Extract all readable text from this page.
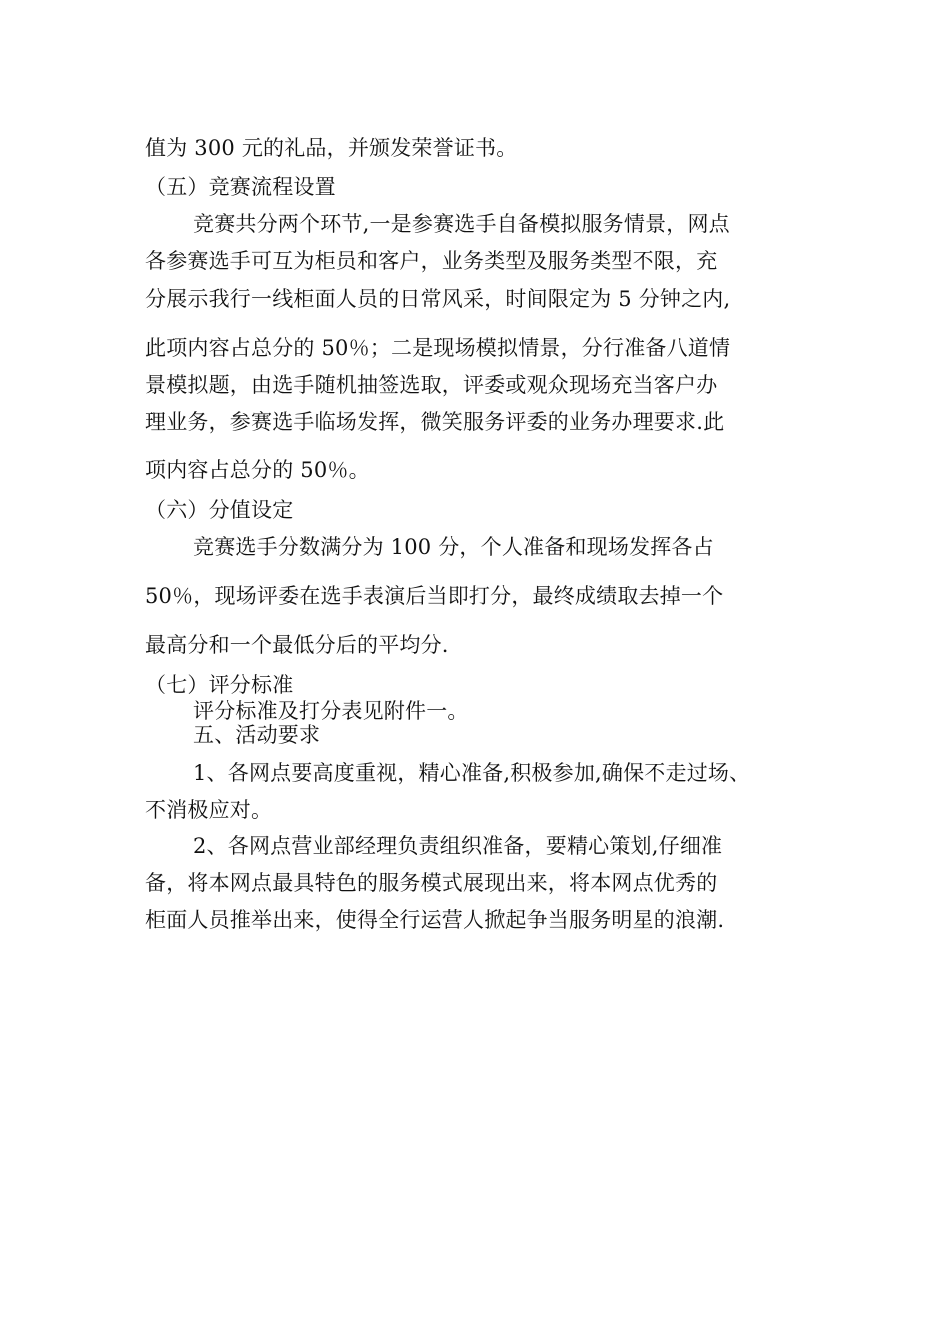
值为 300 元的礼品，并颁发荣誉证书。
（五）竞赛流程设置
竞赛共分两个环节,一是参赛选手自备模拟服务情景，网点
各参赛选手可互为柜员和客户，业务类型及服务类型不限，充
分展示我行一线柜面人员的日常风采，时间限定为 5 分钟之内,
此项内容占总分的 50％；二是现场模拟情景，分行准备八道情
景模拟题，由选手随机抽签选取，评委或观众现场充当客户办
理业务，参赛选手临场发挥，微笑服务评委的业务办理要求.此
项内容占总分的 50％。
（六）分值设定
竞赛选手分数满分为 100 分，个人准备和现场发挥各占
50％，现场评委在选手表演后当即打分，最终成绩取去掉一个
最高分和一个最低分后的平均分.
（七）评分标准
评分标准及打分表见附件一。
五、活动要求
1、各网点要高度重视，精心准备,积极参加,确保不走过场、
不消极应对。
2、各网点营业部经理负责组织准备，要精心策划,仔细准
备，将本网点最具特色的服务模式展现出来，将本网点优秀的
柜面人员推举出来，使得全行运营人掀起争当服务明星的浪潮.
